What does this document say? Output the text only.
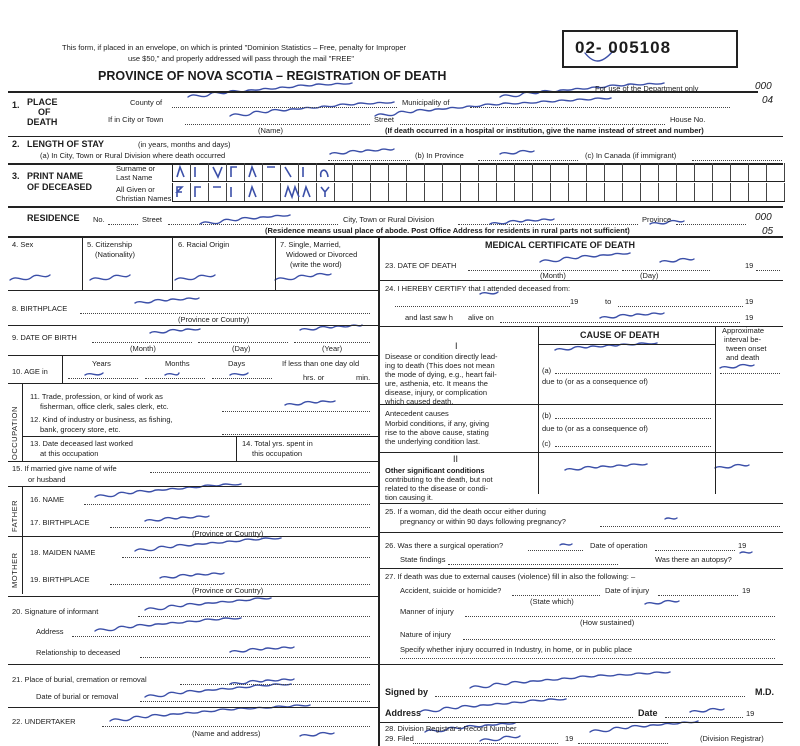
02- 005108
For use of the Department only	000
04
000
05
This form, if placed in an envelope, on which is printed "Dominion Statistics – Free, penalty for Improper
use $50," and properly addressed will pass through the mail "FREE"
PROVINCE OF NOVA SCOTIA – REGISTRATION OF DEATH
1. PLACE
OF
DEATH
County of	Municipality of
If in City or Town	Street	House No.
(Name)	(If death occurred in a hospital or institution, give the name instead of street and number)
2. LENGTH OF STAY	(in years, months and days)
(a) In City, Town or Rural Division where death occurred	(b) In Province	(c) In Canada (if immigrant)
3. PRINT NAME
OF DECEASED
Surname or
Last Name
All Given or
Christian Names
RESIDENCE No.	Street	City, Town or Rural Division	Province
(Residence means usual place of abode. Post Office Address for residents in rural parts not sufficient)
4. Sex	5. Citizenship
(Nationality)
6. Racial Origin	7. Single, Married,
Widowed or Divorced
(write the word)
8. BIRTHPLACE
(Province or Country)
9. DATE OF BIRTH
(Month)	(Day)	(Year)
10. AGE in
Years	Months	Days	If less than one day old
hrs. or	min.
OCCUPATION
11. Trade, profession, or kind of work as
fisherman, office clerk, sales clerk, etc.
12. Kind of industry or business, as fishing,
bank, grocery store, etc.
13. Date deceased last worked
at this occupation
14. Total yrs. spent in
this occupation
15. If married give name of wife
or husband
FATHER
16. NAME
17. BIRTHPLACE
(Province or Country)
MOTHER 18. MAIDEN NAME
19. BIRTHPLACE
(Province or Country)
20. Signature of informant
Address
Relationship to deceased
21. Place of burial, cremation or removal
Date of burial or removal
22. UNDERTAKER
(Name and address)
MEDICAL CERTIFICATE OF DEATH
23. DATE OF DEATH	19
(Month)	(Day)
24. I HEREBY CERTIFY that I attended deceased from:
19	to	19
and last saw h alive on	19
CAUSE OF DEATH	Approximate
interval be-
tween onset
and death
I
Disease or condition directly lead-
ing to death (This does not mean
the mode of dying, e.g., heart fail-
ure, asthenia, etc. It means the
disease, injury, or complication
which caused death.
(a)
due to (or as a consequence of)
Antecedent causes
Morbid conditions, if any, giving
rise to the above cause, stating
the underlying condition last.
(b)
due to (or as a consequence of)
(c)
II
Other significant conditions
contributing to the death, but not
related to the disease or condi-
tion causing it.
25. If a woman, did the death occur either during
pregnancy or within 90 days following pregnancy?
26. Was there a surgical operation?	Date of operation	19
State findings	Was there an autopsy?
27. If death was due to external causes (violence) fill in also the following: –
Accident, suicide or homicide?	Date of injury	19
(State which)
Manner of injury
(How sustained)
Nature of injury
Specify whether injury occurred in Industry, in home, or in public place
Signed by	M.D.
Address	Date	19
28. Division Registrar's Record Number
29. Filed	19	(Division Registrar)
